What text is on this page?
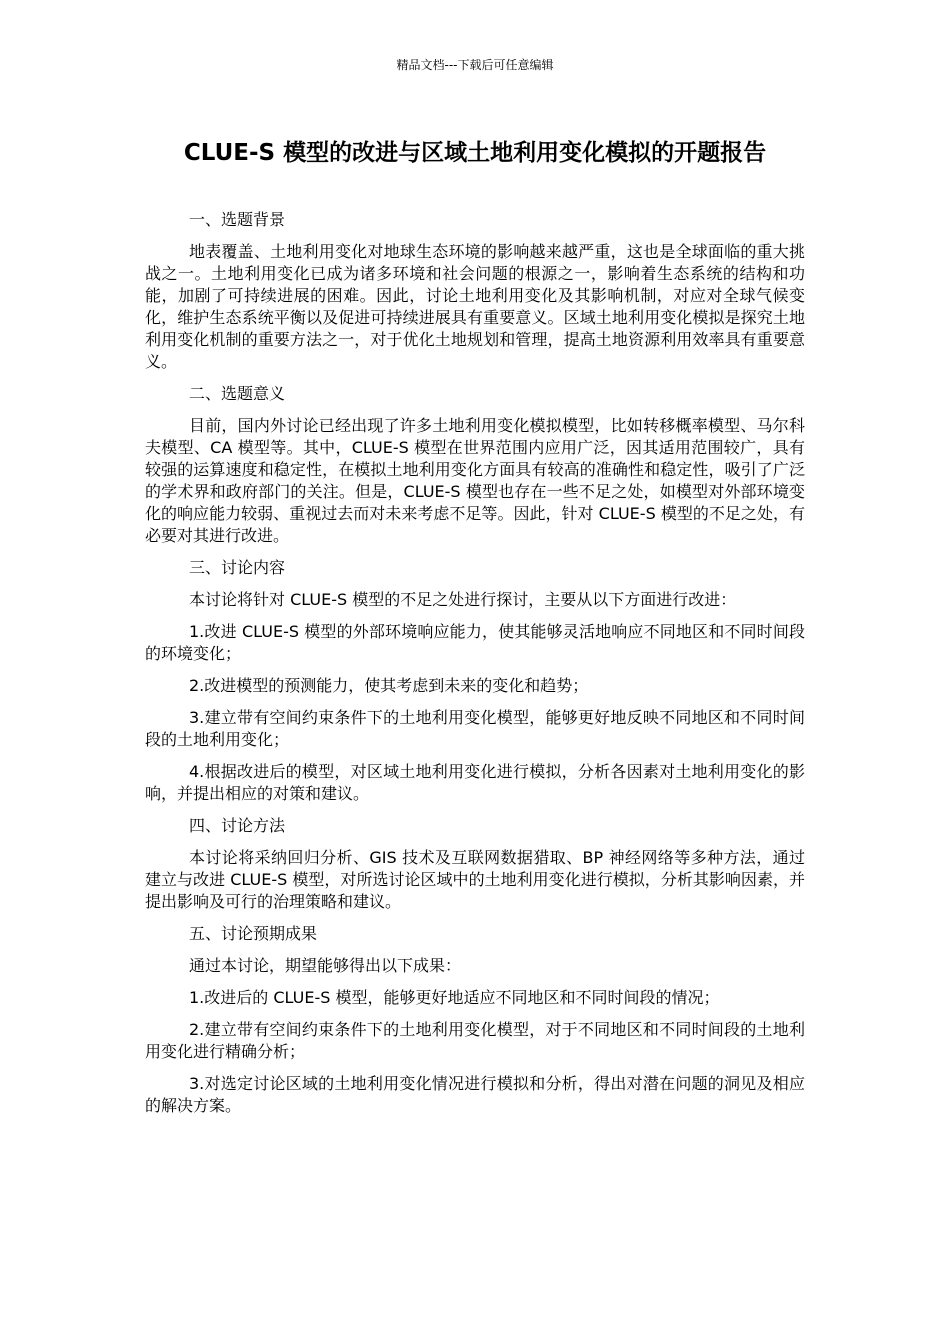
精品文档---下载后可任意编辑
CLUE-S 模型的改进与区域土地利用变化模拟的开题报告

一、选题背景

地表覆盖、土地利用变化对地球生态环境的影响越来越严重，这也是全球面临的重大挑战之一。土地利用变化已成为诸多环境和社会问题的根源之一，影响着生态系统的结构和功能，加剧了可持续进展的困难。因此，讨论土地利用变化及其影响机制，对应对全球气候变化，维护生态系统平衡以及促进可持续进展具有重要意义。区域土地利用变化模拟是探究土地利用变化机制的重要方法之一，对于优化土地规划和管理，提高土地资源利用效率具有重要意义。

二、选题意义

目前，国内外讨论已经出现了许多土地利用变化模拟模型，比如转移概率模型、马尔科夫模型、CA 模型等。其中，CLUE-S 模型在世界范围内应用广泛，因其适用范围较广，具有较强的运算速度和稳定性，在模拟土地利用变化方面具有较高的准确性和稳定性，吸引了广泛的学术界和政府部门的关注。但是，CLUE-S 模型也存在一些不足之处，如模型对外部环境变化的响应能力较弱、重视过去而对未来考虑不足等。因此，针对 CLUE-S 模型的不足之处，有必要对其进行改进。

三、讨论内容

本讨论将针对 CLUE-S 模型的不足之处进行探讨，主要从以下方面进行改进：

1.改进 CLUE-S 模型的外部环境响应能力，使其能够灵活地响应不同地区和不同时间段的环境变化；

2.改进模型的预测能力，使其考虑到未来的变化和趋势；

3.建立带有空间约束条件下的土地利用变化模型，能够更好地反映不同地区和不同时间段的土地利用变化；

4.根据改进后的模型，对区域土地利用变化进行模拟，分析各因素对土地利用变化的影响，并提出相应的对策和建议。

四、讨论方法

本讨论将采纳回归分析、GIS 技术及互联网数据猎取、BP 神经网络等多种方法，通过建立与改进 CLUE-S 模型，对所选讨论区域中的土地利用变化进行模拟，分析其影响因素，并提出影响及可行的治理策略和建议。

五、讨论预期成果

通过本讨论，期望能够得出以下成果：

1.改进后的 CLUE-S 模型，能够更好地适应不同地区和不同时间段的情况；

2.建立带有空间约束条件下的土地利用变化模型，对于不同地区和不同时间段的土地利用变化进行精确分析；

3.对选定讨论区域的土地利用变化情况进行模拟和分析，得出对潜在问题的洞见及相应的解决方案。
